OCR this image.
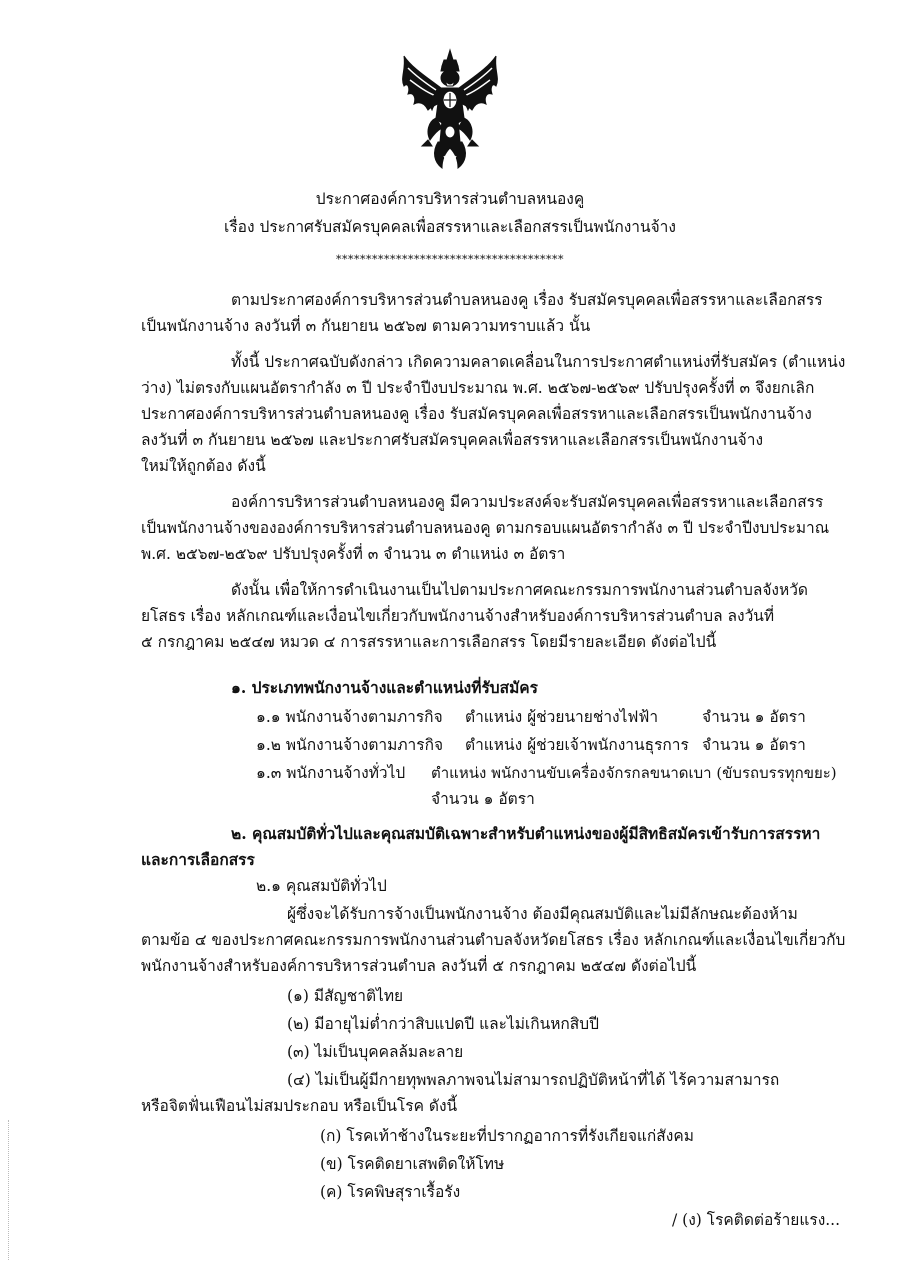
ประกาศองค์การบริหารส่วนตำบลหนองคู
เรื่อง ประกาศรับสมัครบุคคลเพื่อสรรหาและเลือกสรรเป็นพนักงานจ้าง
**************************************
ตามประกาศองค์การบริหารส่วนตำบลหนองคู เรื่อง รับสมัครบุคคลเพื่อสรรหาและเลือกสรร
เป็นพนักงานจ้าง ลงวันที่ ๓ กันยายน ๒๕๖๗ ตามความทราบแล้ว นั้น
ทั้งนี้ ประกาศฉบับดังกล่าว เกิดความคลาดเคลื่อนในการประกาศตำแหน่งที่รับสมัคร (ตำแหน่ง
ว่าง) ไม่ตรงกับแผนอัตรากำลัง ๓ ปี ประจำปีงบประมาณ พ.ศ. ๒๕๖๗-๒๕๖๙ ปรับปรุงครั้งที่ ๓ จึงยกเลิก
ประกาศองค์การบริหารส่วนตำบลหนองคู เรื่อง รับสมัครบุคคลเพื่อสรรหาและเลือกสรรเป็นพนักงานจ้าง
ลงวันที่ ๓ กันยายน ๒๕๖๗ และประกาศรับสมัครบุคคลเพื่อสรรหาและเลือกสรรเป็นพนักงานจ้าง
ใหม่ให้ถูกต้อง ดังนี้
องค์การบริหารส่วนตำบลหนองคู มีความประสงค์จะรับสมัครบุคคลเพื่อสรรหาและเลือกสรร
เป็นพนักงานจ้างขององค์การบริหารส่วนตำบลหนองคู ตามกรอบแผนอัตรากำลัง ๓ ปี ประจำปีงบประมาณ
พ.ศ. ๒๕๖๗-๒๕๖๙ ปรับปรุงครั้งที่ ๓ จำนวน ๓ ตำแหน่ง ๓ อัตรา
ดังนั้น เพื่อให้การดำเนินงานเป็นไปตามประกาศคณะกรรมการพนักงานส่วนตำบลจังหวัด
ยโสธร เรื่อง หลักเกณฑ์และเงื่อนไขเกี่ยวกับพนักงานจ้างสำหรับองค์การบริหารส่วนตำบล ลงวันที่
๕ กรกฎาคม ๒๕๔๗ หมวด ๔ การสรรหาและการเลือกสรร โดยมีรายละเอียด ดังต่อไปนี้
๑. ประเภทพนักงานจ้างและตำแหน่งที่รับสมัคร
๑.๑ พนักงานจ้างตามภารกิจ ตำแหน่ง ผู้ช่วยนายช่างไฟฟ้า	จำนวน ๑ อัตรา
๑.๒ พนักงานจ้างตามภารกิจ ตำแหน่ง ผู้ช่วยเจ้าพนักงานธุรการ จำนวน ๑ อัตรา
๑.๓ พนักงานจ้างทั่วไป ตำแหน่ง พนักงานขับเครื่องจักรกลขนาดเบา (ขับรถบรรทุกขยะ)
จำนวน ๑ อัตรา
๒. คุณสมบัติทั่วไปและคุณสมบัติเฉพาะสำหรับตำแหน่งของผู้มีสิทธิสมัครเข้ารับการสรรหา
และการเลือกสรร
๒.๑ คุณสมบัติทั่วไป
ผู้ซึ่งจะได้รับการจ้างเป็นพนักงานจ้าง ต้องมีคุณสมบัติและไม่มีลักษณะต้องห้าม
ตามข้อ ๔ ของประกาศคณะกรรมการพนักงานส่วนตำบลจังหวัดยโสธร เรื่อง หลักเกณฑ์และเงื่อนไขเกี่ยวกับ
พนักงานจ้างสำหรับองค์การบริหารส่วนตำบล ลงวันที่ ๕ กรกฎาคม ๒๕๔๗ ดังต่อไปนี้
(๑) มีสัญชาติไทย
(๒) มีอายุไม่ต่ำกว่าสิบแปดปี และไม่เกินหกสิบปี
(๓) ไม่เป็นบุคคลล้มละลาย
(๔) ไม่เป็นผู้มีกายทุพพลภาพจนไม่สามารถปฏิบัติหน้าที่ได้ ไร้ความสามารถ
หรือจิตฟั่นเฟือนไม่สมประกอบ หรือเป็นโรค ดังนี้
(ก) โรคเท้าช้างในระยะที่ปรากฏอาการที่รังเกียจแก่สังคม
(ข) โรคติดยาเสพติดให้โทษ
(ค) โรคพิษสุราเรื้อรัง
/ (ง) โรคติดต่อร้ายแรง...
